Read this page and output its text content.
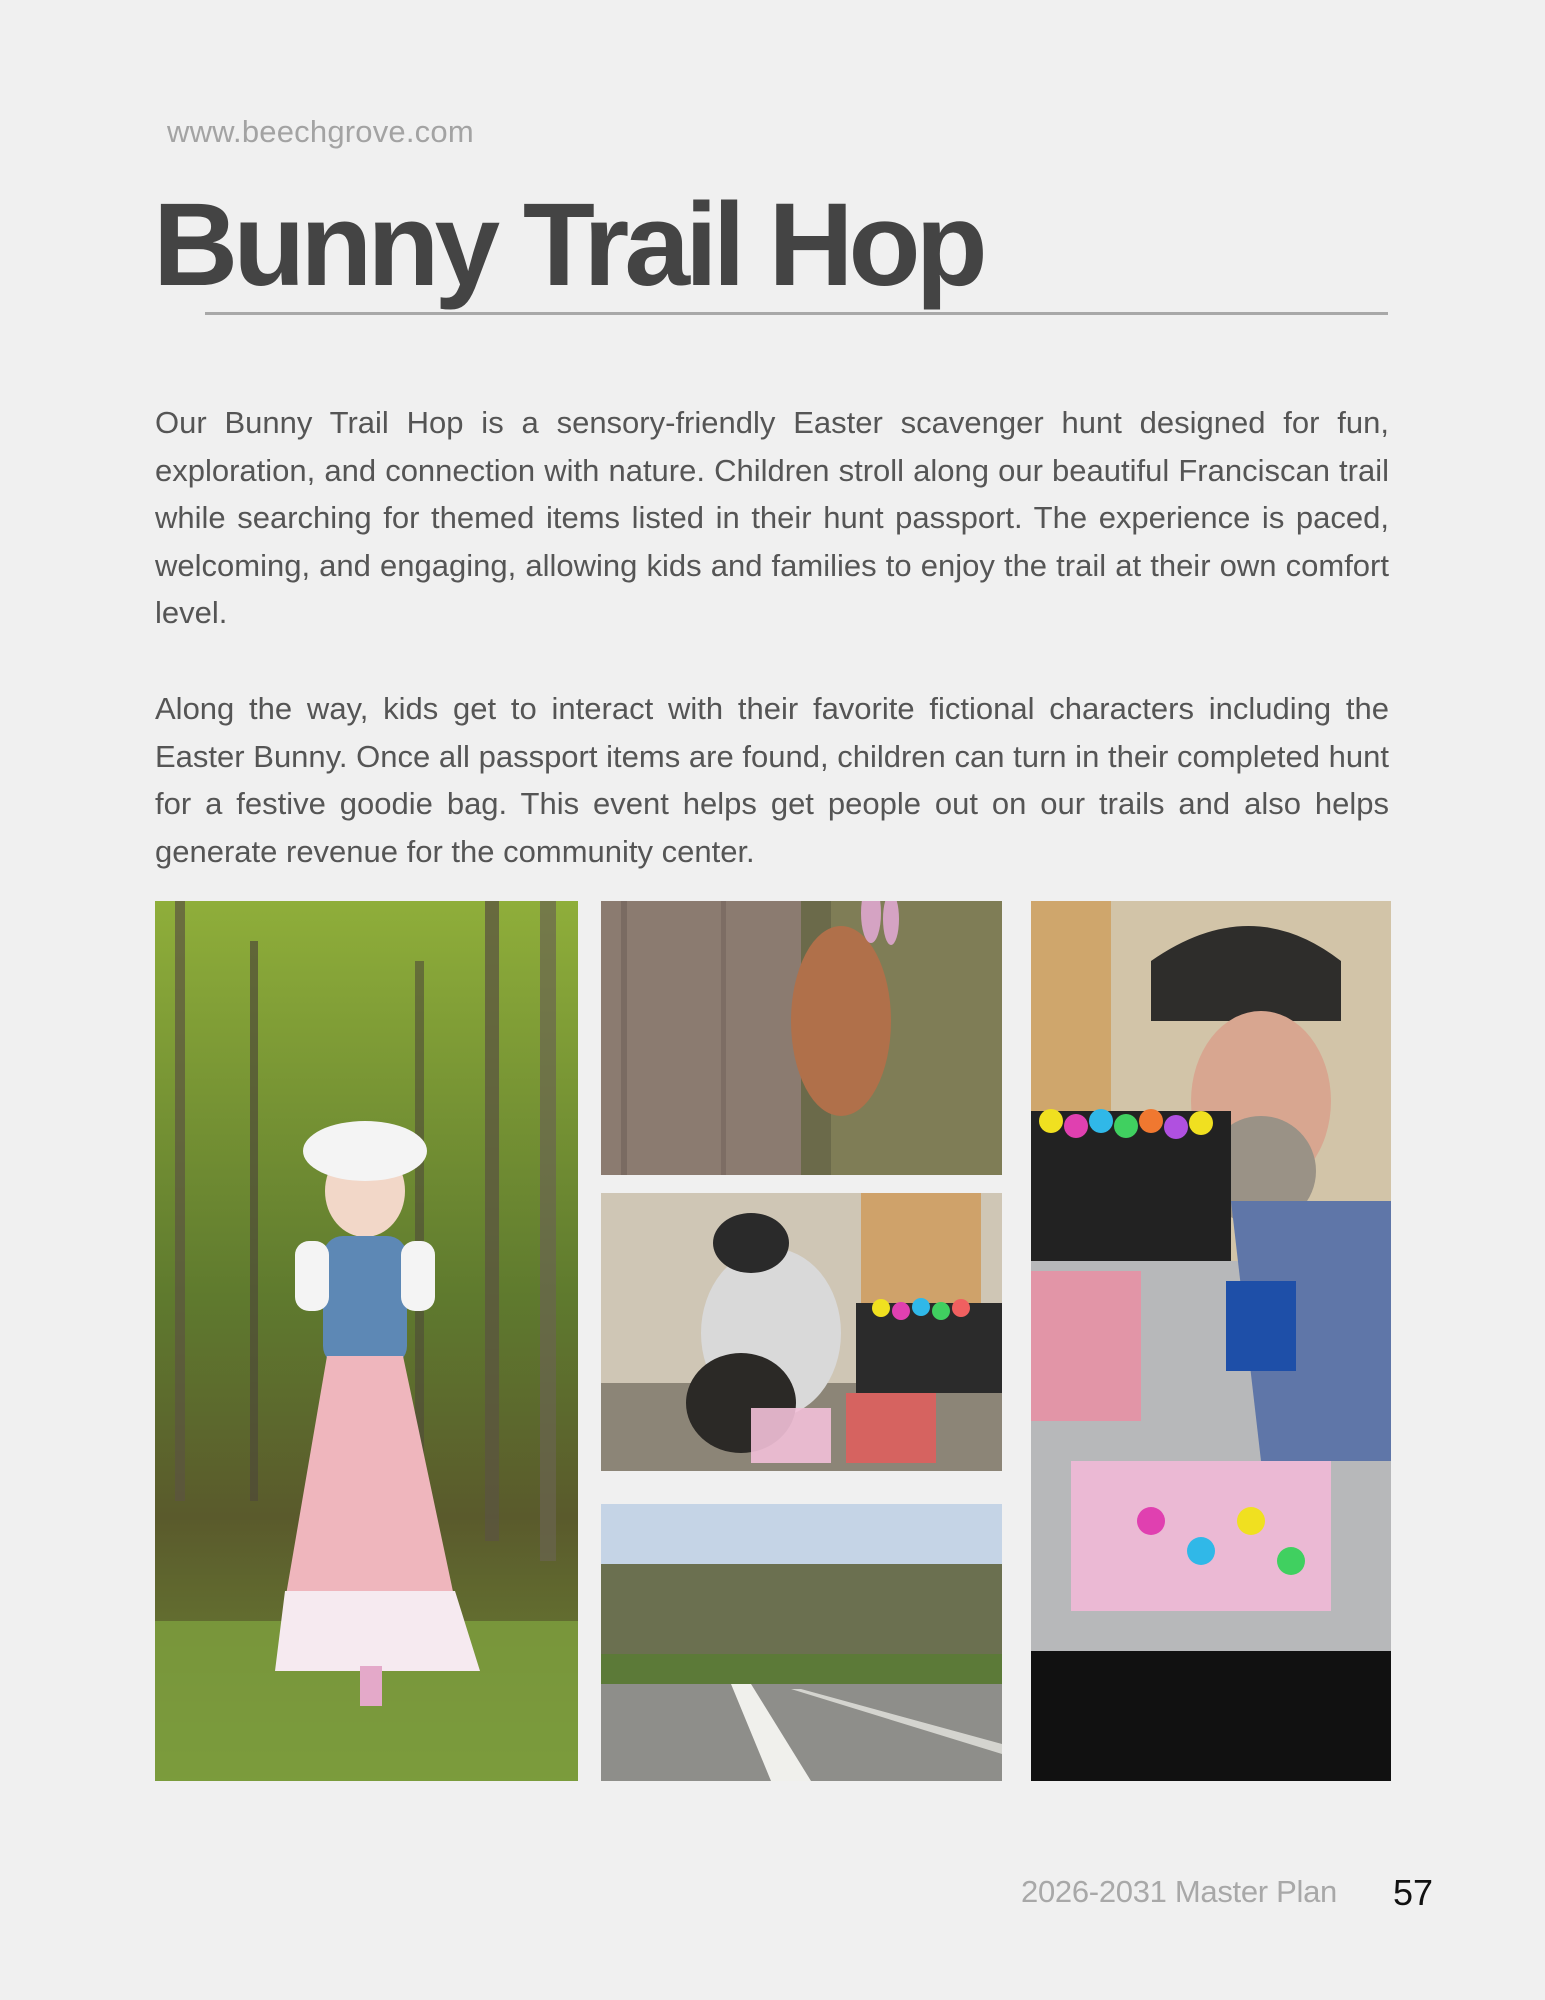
www.beechgrove.com
Bunny Trail Hop

Our Bunny Trail Hop is a sensory-friendly Easter scavenger hunt designed for fun, exploration, and connection with nature. Children stroll along our beautiful Franciscan trail while searching for themed items listed in their hunt passport. The experience is paced, welcoming, and engaging, allowing kids and families to enjoy the trail at their own comfort level.

Along the way, kids get to interact with their favorite fictional characters including the Easter Bunny. Once all passport items are found, children can turn in their completed hunt for a festive goodie bag. This event helps get people out on our trails and also helps generate revenue for the community center.

2026-2031 Master Plan 57
